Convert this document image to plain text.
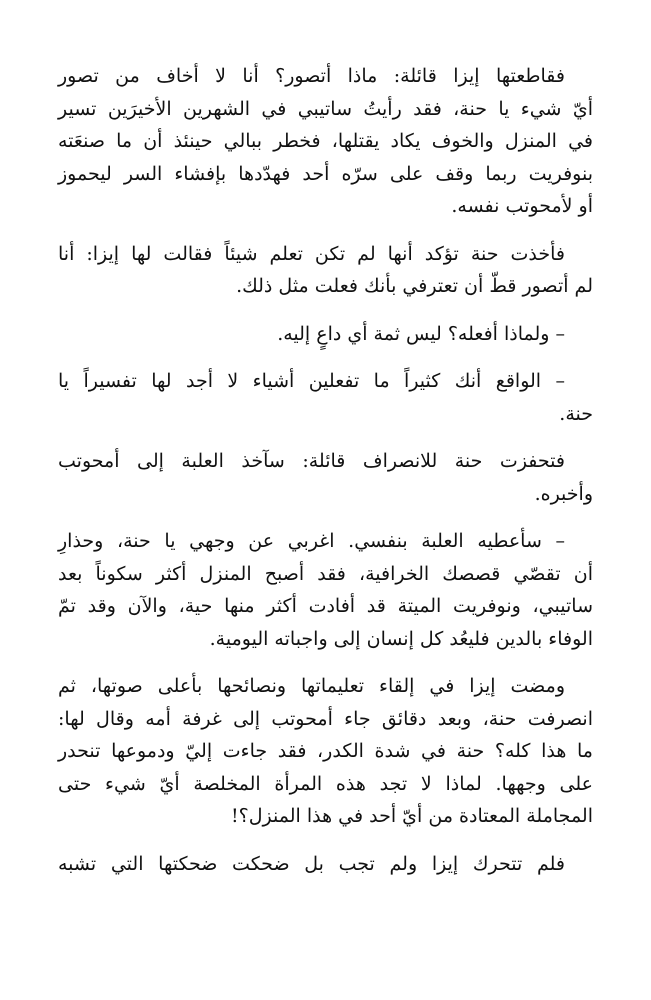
فقاطعتها إيزا قائلة: ماذا أتصور؟ أنا لا أخاف من تصور
أيّ شيء يا حنة، فقد رأيتُ ساتيبي في الشهرين الأخيرَين تسير
في المنزل والخوف يكاد يقتلها، فخطر ببالي حينئذ أن ما صنعَته
بنوفريت ربما وقف على سرّه أحد فهدّدها بإفشاء السر ليحموز
أو لأمحوتب نفسه.

فأخذت حنة تؤكد أنها لم تكن تعلم شيئاً فقالت لها إيزا: أنا
لم أتصور قطّ أن تعترفي بأنك فعلت مثل ذلك.

– ولماذا أفعله؟ ليس ثمة أي داعٍ إليه.

– الواقع أنك كثيراً ما تفعلين أشياء لا أجد لها تفسيراً يا
حنة.

فتحفزت حنة للانصراف قائلة: سآخذ العلبة إلى أمحوتب
وأخبره.

– سأعطيه العلبة بنفسي. اغربي عن وجهي يا حنة، وحذارِ
أن تقصّي قصصك الخرافية، فقد أصبح المنزل أكثر سكوناً بعد
ساتيبي، ونوفريت الميتة قد أفادت أكثر منها حية، والآن وقد تمّ
الوفاء بالدين فليعُد كل إنسان إلى واجباته اليومية.

ومضت إيزا في إلقاء تعليماتها ونصائحها بأعلى صوتها، ثم
انصرفت حنة، وبعد دقائق جاء أمحوتب إلى غرفة أمه وقال لها:
ما هذا كله؟ حنة في شدة الكدر، فقد جاءت إليّ ودموعها تنحدر
على وجهها. لماذا لا تجد هذه المرأة المخلصة أيّ شيء حتى
المجاملة المعتادة من أيّ أحد في هذا المنزل؟!

فلم تتحرك إيزا ولم تجب بل ضحكت ضحكتها التي تشبه
